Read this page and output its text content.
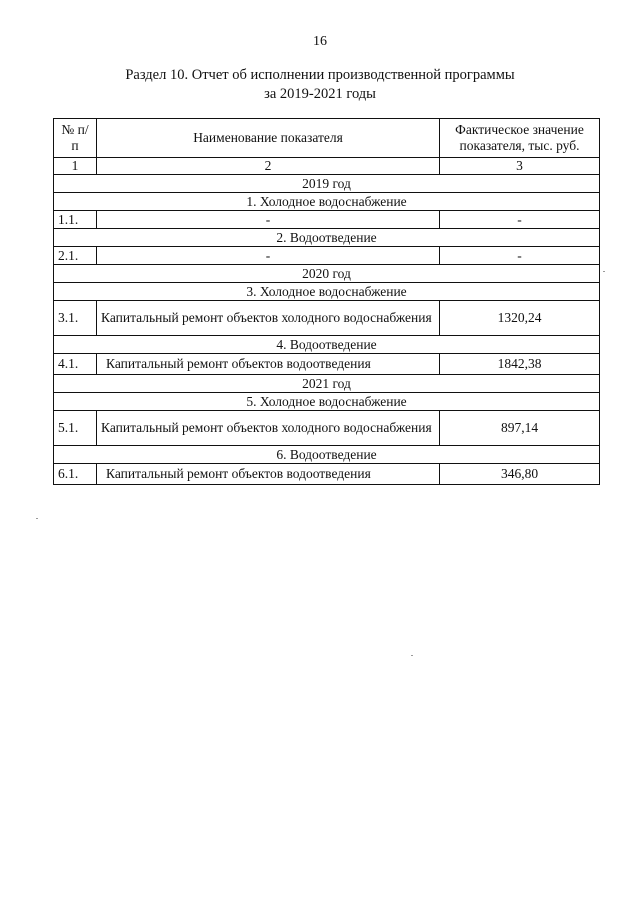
16
Раздел 10. Отчет об исполнении производственной программы
за 2019-2021 годы
№ п/п	Наименование показателя	Фактическое значение показателя, тыс. руб.
1	2	3
2019 год		
1. Холодное водоснабжение		
1.1.	-	-
2. Водоотведение		
2.1.	-	-
2020 год		
3. Холодное водоснабжение		
3.1.	Капитальный ремонт объектов холодного водоснабжения	1320,24
4. Водоотведение		
4.1.	Капитальный ремонт объектов водоотведения	1842,38
2021 год		
5. Холодное водоснабжение		
5.1.	Капитальный ремонт объектов холодного водоснабжения	897,14
6. Водоотведение		
6.1.	Капитальный ремонт объектов водоотведения	346,80
